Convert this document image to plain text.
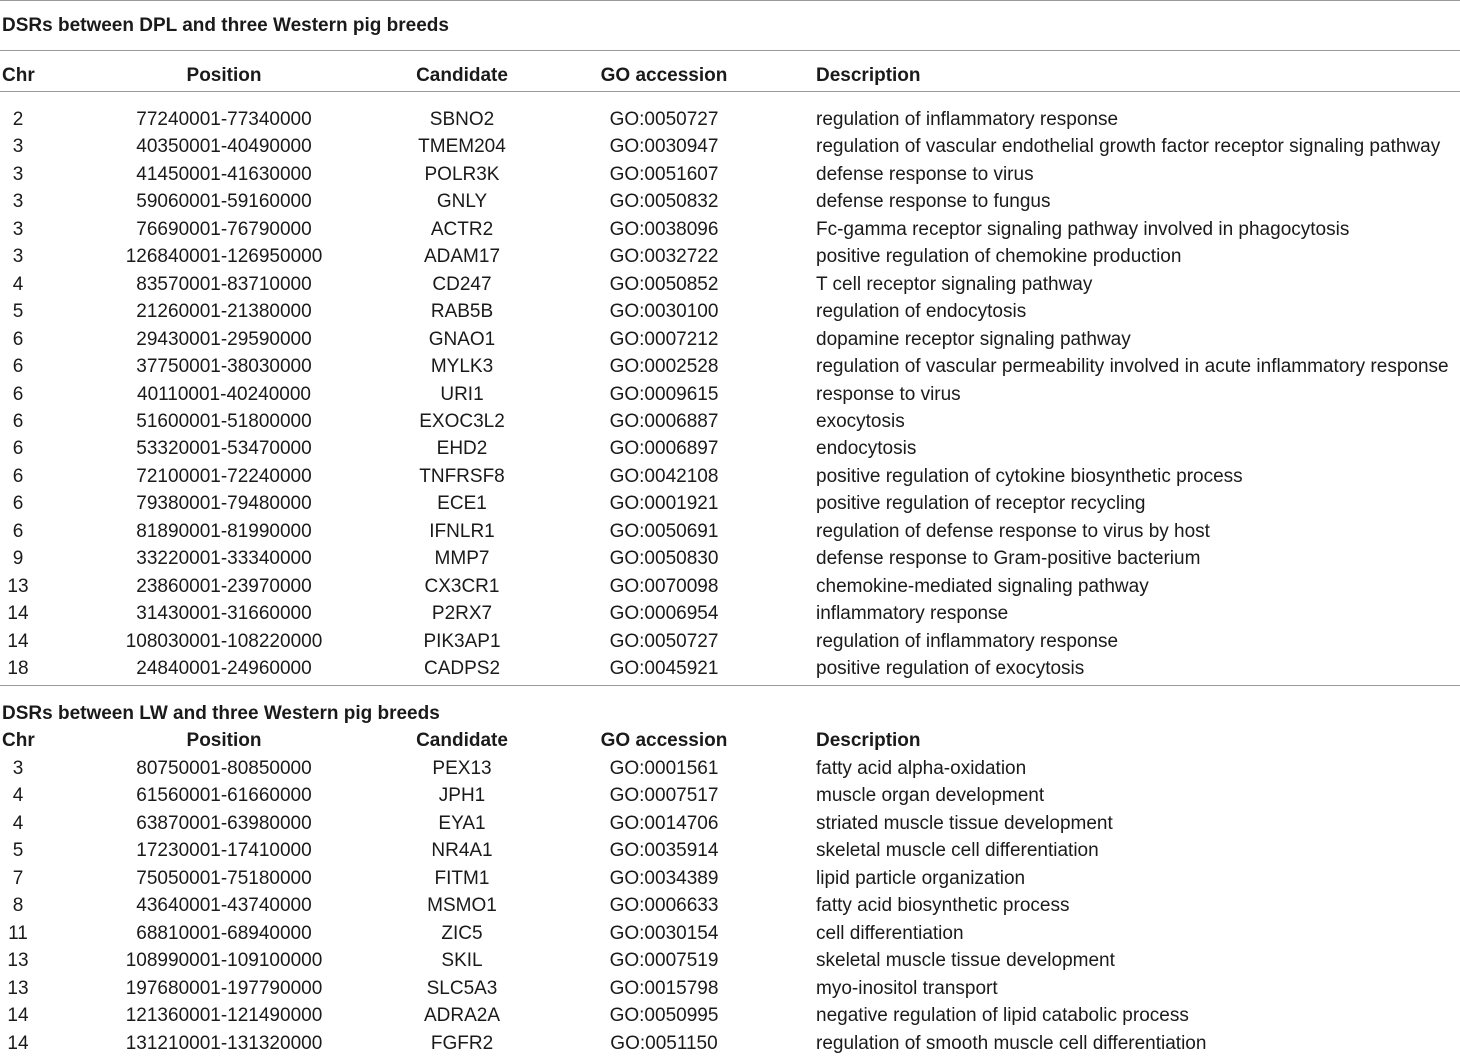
DSRs between DPL and three Western pig breeds
Chr	Position	Candidate	GO accession	Description
2	77240001-77340000	SBNO2	GO:0050727	regulation of inflammatory response
3	40350001-40490000	TMEM204	GO:0030947	regulation of vascular endothelial growth factor receptor signaling pathway
3	41450001-41630000	POLR3K	GO:0051607	defense response to virus
3	59060001-59160000	GNLY	GO:0050832	defense response to fungus
3	76690001-76790000	ACTR2	GO:0038096	Fc-gamma receptor signaling pathway involved in phagocytosis
3	126840001-126950000	ADAM17	GO:0032722	positive regulation of chemokine production
4	83570001-83710000	CD247	GO:0050852	T cell receptor signaling pathway
5	21260001-21380000	RAB5B	GO:0030100	regulation of endocytosis
6	29430001-29590000	GNAO1	GO:0007212	dopamine receptor signaling pathway
6	37750001-38030000	MYLK3	GO:0002528	regulation of vascular permeability involved in acute inflammatory response
6	40110001-40240000	URI1	GO:0009615	response to virus
6	51600001-51800000	EXOC3L2	GO:0006887	exocytosis
6	53320001-53470000	EHD2	GO:0006897	endocytosis
6	72100001-72240000	TNFRSF8	GO:0042108	positive regulation of cytokine biosynthetic process
6	79380001-79480000	ECE1	GO:0001921	positive regulation of receptor recycling
6	81890001-81990000	IFNLR1	GO:0050691	regulation of defense response to virus by host
9	33220001-33340000	MMP7	GO:0050830	defense response to Gram-positive bacterium
13	23860001-23970000	CX3CR1	GO:0070098	chemokine-mediated signaling pathway
14	31430001-31660000	P2RX7	GO:0006954	inflammatory response
14	108030001-108220000	PIK3AP1	GO:0050727	regulation of inflammatory response
18	24840001-24960000	CADPS2	GO:0045921	positive regulation of exocytosis
DSRs between LW and three Western pig breeds
Chr	Position	Candidate	GO accession	Description
3	80750001-80850000	PEX13	GO:0001561	fatty acid alpha-oxidation
4	61560001-61660000	JPH1	GO:0007517	muscle organ development
4	63870001-63980000	EYA1	GO:0014706	striated muscle tissue development
5	17230001-17410000	NR4A1	GO:0035914	skeletal muscle cell differentiation
7	75050001-75180000	FITM1	GO:0034389	lipid particle organization
8	43640001-43740000	MSMO1	GO:0006633	fatty acid biosynthetic process
11	68810001-68940000	ZIC5	GO:0030154	cell differentiation
13	108990001-109100000	SKIL	GO:0007519	skeletal muscle tissue development
13	197680001-197790000	SLC5A3	GO:0015798	myo-inositol transport
14	121360001-121490000	ADRA2A	GO:0050995	negative regulation of lipid catabolic process
14	131210001-131320000	FGFR2	GO:0051150	regulation of smooth muscle cell differentiation
